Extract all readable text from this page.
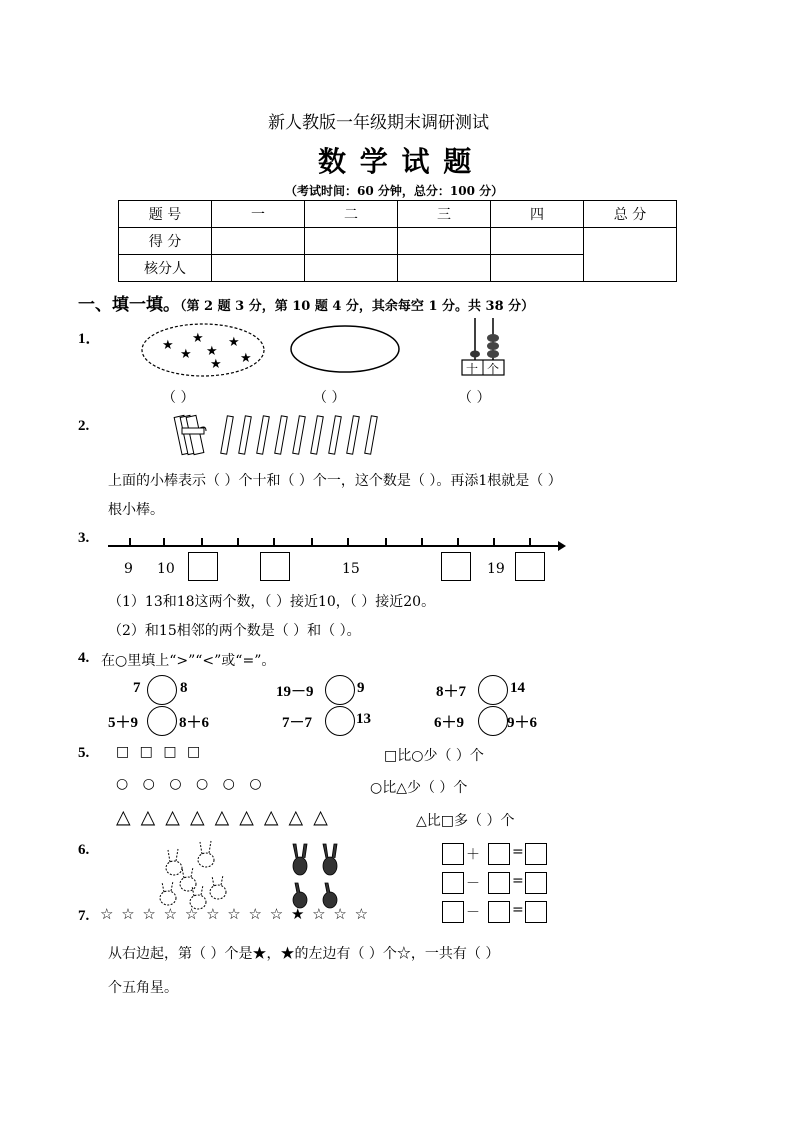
新人教版一年级期末调研测试
数 学 试 题
（考试时间：60 分钟，总分：100 分）
题 号	一	二	三	四	总 分
得 分					
核分人					
一、填一填。（第 2 题 3 分，第 10 题 4 分，其余每空 1 分。共 38 分）
1．	★ ★
★
★
★	★
★	十 个
（ ）	（ ）	（ ）
2.
上面的小棒表示（ ）个十和（ ）个一，这个数是（ ）。再添1根就是（ ）
根小棒。
3.
9 10	15	19
（1）13和18这两个数，（ ）接近10，（ ）接近20。
（2）和15相邻的两个数是（ ）和（ ）。
4. 在○里填上“>”“<”或“=”。
7	8	19－9	9	8＋7	14
5＋9	8＋6	7－7	13	6＋9	9＋6
5. □ □ □ □
○ ○ ○ ○ ○ ○
△ △ △ △ △ △ △ △ △
□比○少（ ）个
○比△少（ ）个
△比□多（ ）个
6.	＋ =
－ =
－ =
7. ☆ ☆ ☆ ☆ ☆ ☆ ☆ ☆ ☆ ★ ☆ ☆ ☆
从右边起，第（ ）个是★，★的左边有（ ）个☆，一共有（ ）
个五角星。
